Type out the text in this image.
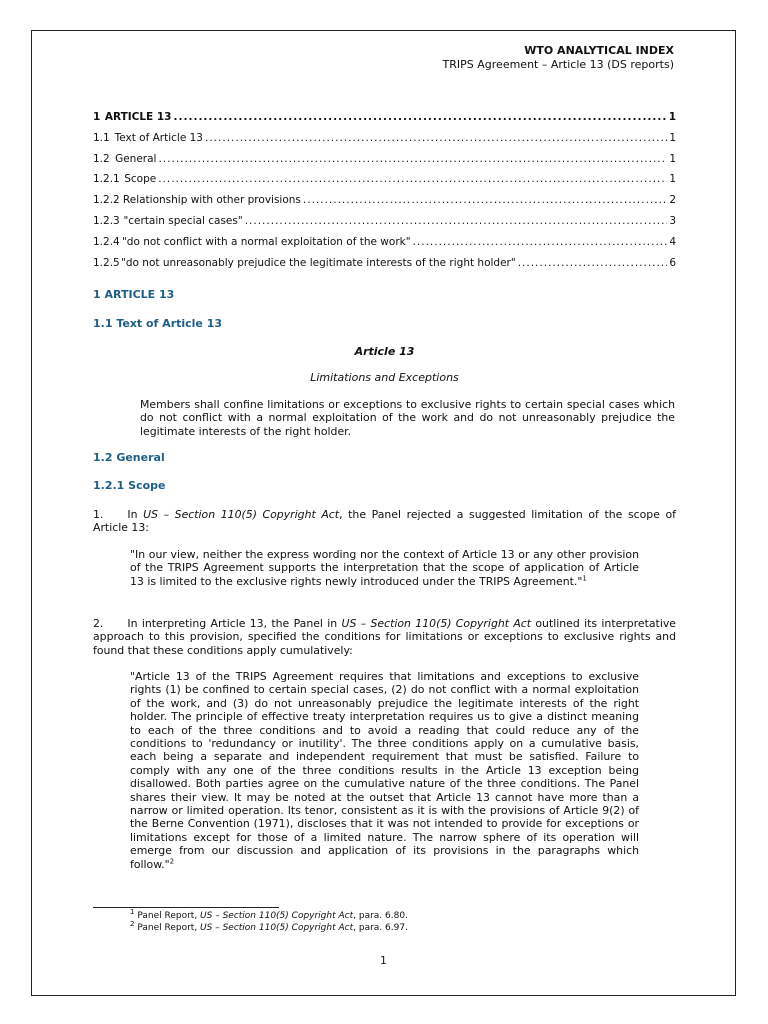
WTO ANALYTICAL INDEX
TRIPS Agreement – Article 13 (DS reports)
1 ARTICLE 13 .....	1
1.1 Text of Article 13 .....	1
1.2 General .....	1
1.2.1 Scope .....	1
1.2.2 Relationship with other provisions .....	2
1.2.3 "certain special cases" .....	3
1.2.4 "do not conflict with a normal exploitation of the work" .....	4
1.2.5 "do not unreasonably prejudice the legitimate interests of the right holder" .....	6
1 ARTICLE 13
1.1 Text of Article 13
Article 13
Limitations and Exceptions
Members shall confine limitations or exceptions to exclusive rights to certain special cases which do not conflict with a normal exploitation of the work and do not unreasonably prejudice the legitimate interests of the right holder.
1.2 General
1.2.1 Scope
1. In US – Section 110(5) Copyright Act, the Panel rejected a suggested limitation of the scope of Article 13:
"In our view, neither the express wording nor the context of Article 13 or any other provision of the TRIPS Agreement supports the interpretation that the scope of application of Article 13 is limited to the exclusive rights newly introduced under the TRIPS Agreement."$^1$
2. In interpreting Article 13, the Panel in US – Section 110(5) Copyright Act outlined its interpretative approach to this provision, specified the conditions for limitations or exceptions to exclusive rights and found that these conditions apply cumulatively:
"Article 13 of the TRIPS Agreement requires that limitations and exceptions to exclusive rights (1) be confined to certain special cases, (2) do not conflict with a normal exploitation of the work, and (3) do not unreasonably prejudice the legitimate interests of the right holder. The principle of effective treaty interpretation requires us to give a distinct meaning to each of the three conditions and to avoid a reading that could reduce any of the conditions to 'redundancy or inutility'. The three conditions apply on a cumulative basis, each being a separate and independent requirement that must be satisfied. Failure to comply with any one of the three conditions results in the Article 13 exception being disallowed. Both parties agree on the cumulative nature of the three conditions. The Panel shares their view. It may be noted at the outset that Article 13 cannot have more than a narrow or limited operation. Its tenor, consistent as it is with the provisions of Article 9(2) of the Berne Convention (1971), discloses that it was not intended to provide for exceptions or limitations except for those of a limited nature. The narrow sphere of its operation will emerge from our discussion and application of its provisions in the paragraphs which follow."$^2$
$^1$ Panel Report, US – Section 110(5) Copyright Act, para. 6.80.
$^2$ Panel Report, US – Section 110(5) Copyright Act, para. 6.97.
1
